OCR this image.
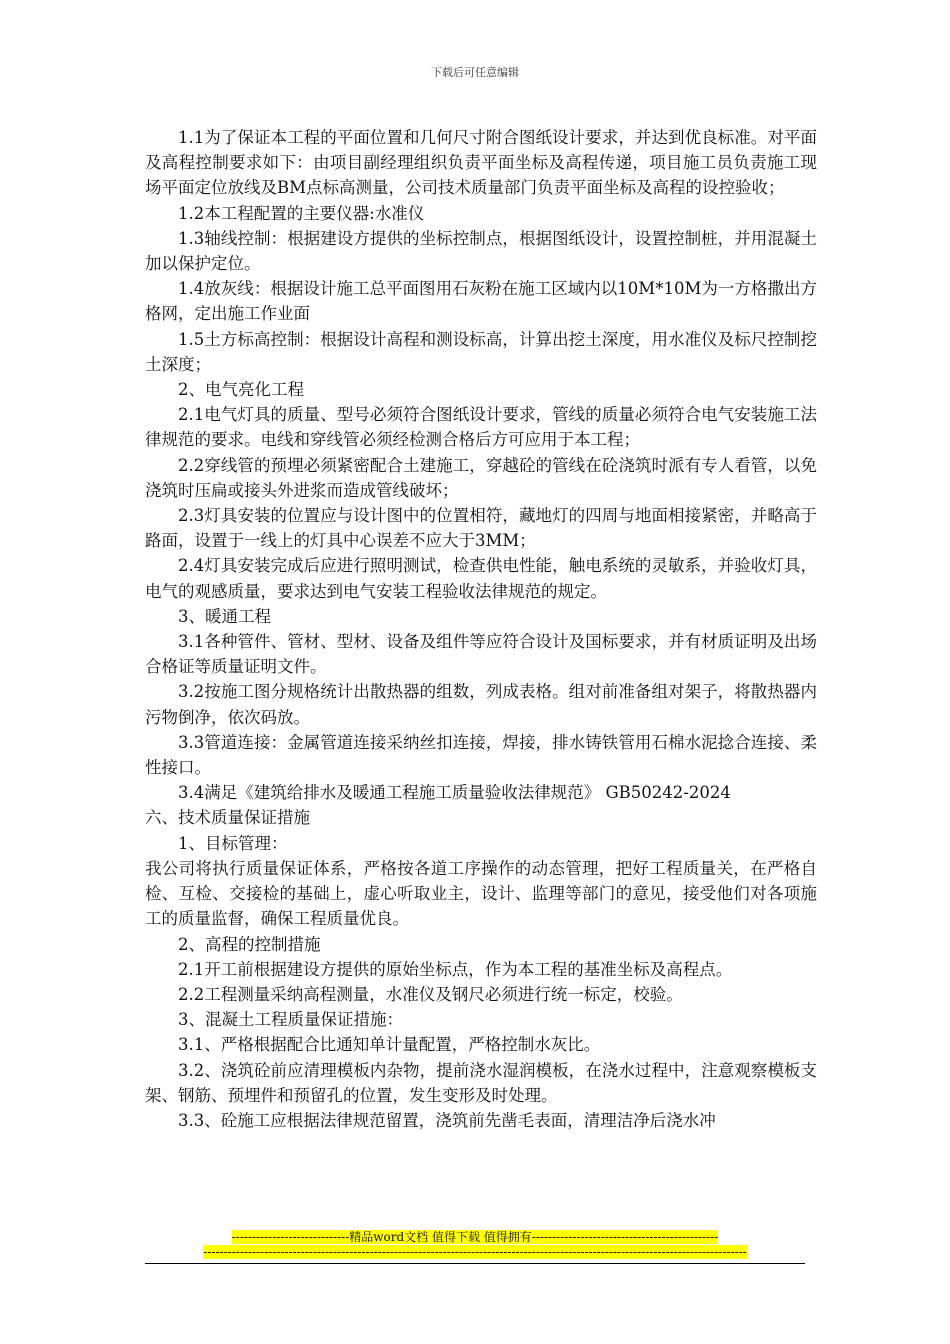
下载后可任意编辑

1.1为了保证本工程的平面位置和几何尺寸附合图纸设计要求，并达到优良标准。对平面及高程控制要求如下：由项目副经理组织负责平面坐标及高程传递，项目施工员负责施工现场平面定位放线及BM点标高测量，公司技术质量部门负责平面坐标及高程的设控验收；

1.2本工程配置的主要仪器:水准仪

1.3轴线控制：根据建设方提供的坐标控制点，根据图纸设计，设置控制桩，并用混凝土加以保护定位。

1.4放灰线：根据设计施工总平面图用石灰粉在施工区域内以10M*10M为一方格撒出方格网，定出施工作业面

1.5土方标高控制：根据设计高程和测设标高，计算出挖土深度，用水准仪及标尺控制挖土深度；

2、电气亮化工程

2.1电气灯具的质量、型号必须符合图纸设计要求，管线的质量必须符合电气安装施工法律规范的要求。电线和穿线管必须经检测合格后方可应用于本工程；

2.2穿线管的预埋必须紧密配合土建施工，穿越砼的管线在砼浇筑时派有专人看管，以免浇筑时压扁或接头外进浆而造成管线破坏；

2.3灯具安装的位置应与设计图中的位置相符，藏地灯的四周与地面相接紧密，并略高于路面，设置于一线上的灯具中心误差不应大于3MM；

2.4灯具安装完成后应进行照明测试，检查供电性能，触电系统的灵敏系，并验收灯具，电气的观感质量，要求达到电气安装工程验收法律规范的规定。

3、暖通工程

3.1各种管件、管材、型材、设备及组件等应符合设计及国标要求，并有材质证明及出场合格证等质量证明文件。

3.2按施工图分规格统计出散热器的组数，列成表格。组对前准备组对架子，将散热器内污物倒净，依次码放。

3.3管道连接：金属管道连接采纳丝扣连接，焊接，排水铸铁管用石棉水泥捻合连接、柔性接口。

3.4满足《建筑给排水及暖通工程施工质量验收法律规范》 GB50242-2024

六、技术质量保证措施

1、目标管理：

我公司将执行质量保证体系，严格按各道工序操作的动态管理，把好工程质量关，在严格自检、互检、交接检的基础上，虚心听取业主，设计、监理等部门的意见，接受他们对各项施工的质量监督，确保工程质量优良。

2、高程的控制措施

2.1开工前根据建设方提供的原始坐标点，作为本工程的基准坐标及高程点。

2.2工程测量采纳高程测量，水准仪及钢尺必须进行统一标定，校验。

3、混凝土工程质量保证措施：

3.1、严格根据配合比通知单计量配置，严格控制水灰比。

3.2、浇筑砼前应清理模板内杂物，提前浇水湿润模板，在浇水过程中，注意观察模板支架、钢筋、预埋件和预留孔的位置，发生变形及时处理。

3.3、砼施工应根据法律规范留置，浇筑前先凿毛表面，清理洁净后浇水冲

-----------------------------精品word文档 值得下载 值得拥有----------------------------------------------
--------------------------------------------------------------------------------------------------------------------------------------
